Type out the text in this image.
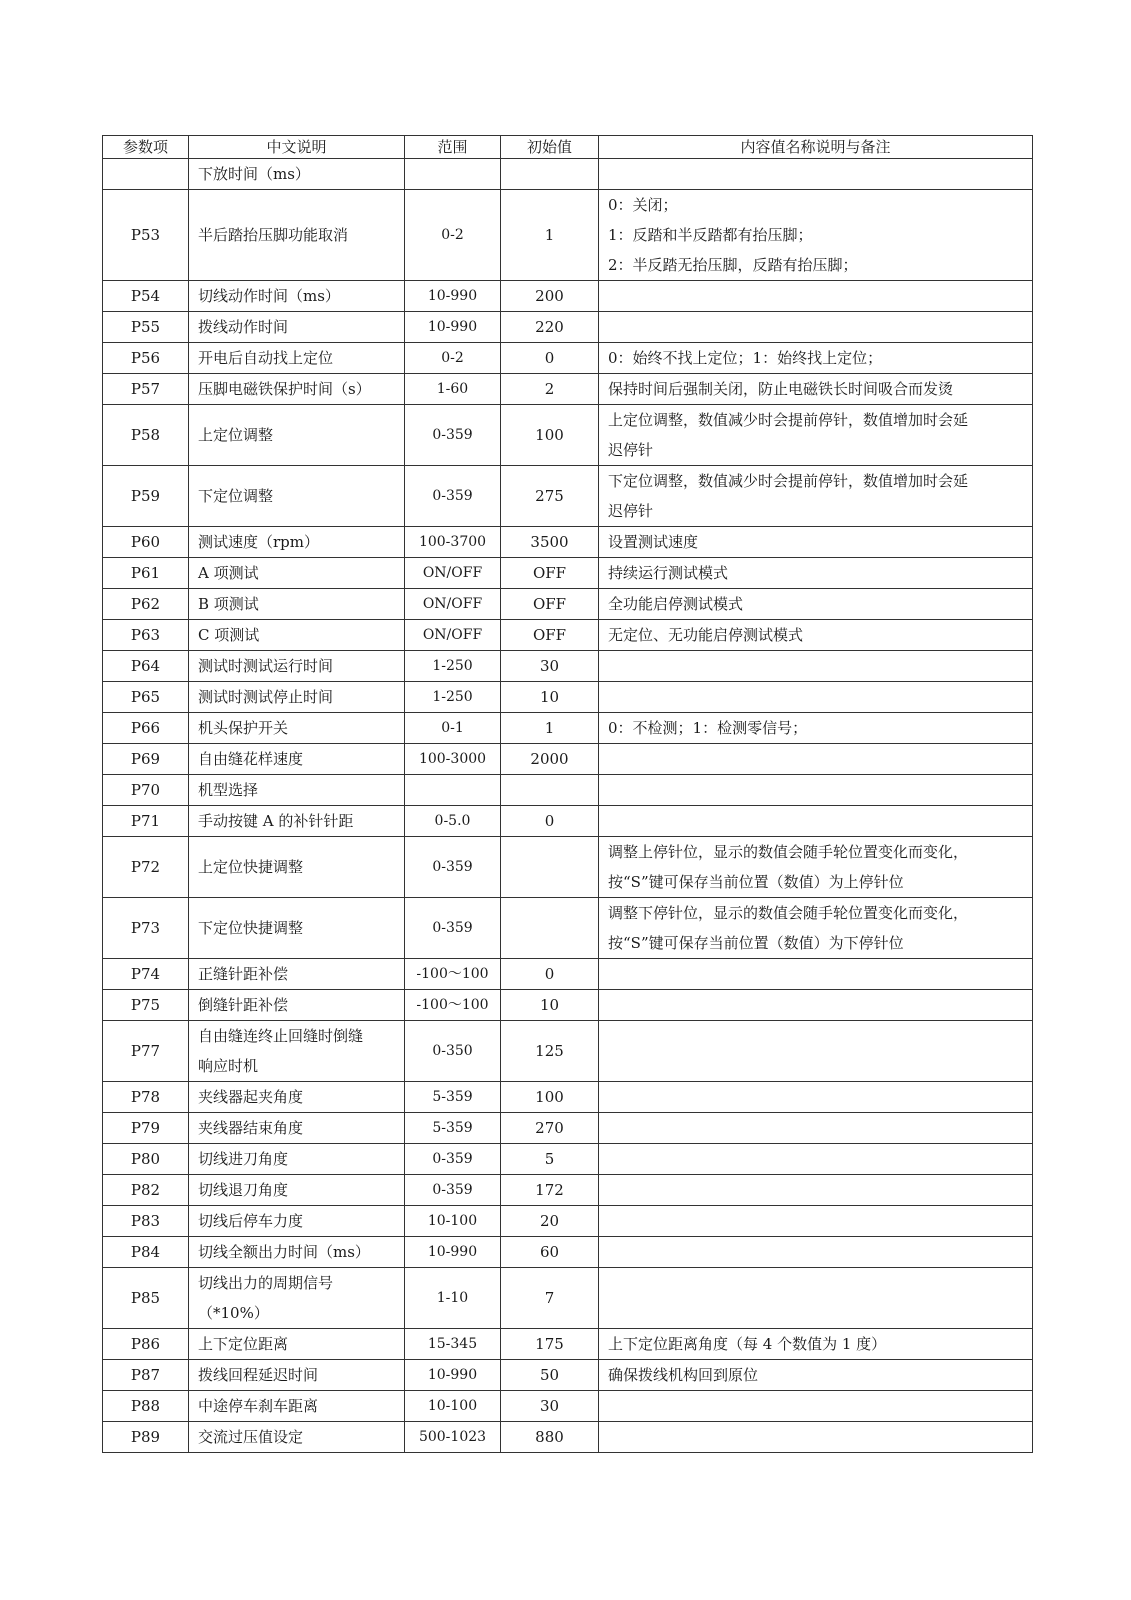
参数项	中文说明	范围	初始值	内容值名称说明与备注

	下放时间（ms）			

P53	半后踏抬压脚功能取消	0-2	1	0：关闭；
1：反踏和半反踏都有抬压脚；
2：半反踏无抬压脚，反踏有抬压脚；

P54	切线动作时间（ms）	10-990	200	
P55	拨线动作时间	10-990	220	
P56	开电后自动找上定位	0-2	0	0：始终不找上定位；1：始终找上定位；

P57	压脚电磁铁保护时间（s）	1-60	2	保持时间后强制关闭，防止电磁铁长时间吸合而发烫

P58	上定位调整	0-359	100	上定位调整，数值减少时会提前停针，数值增加时会延
迟停针

P59	下定位调整	0-359	275	下定位调整，数值减少时会提前停针，数值增加时会延
迟停针

P60	测试速度（rpm）	100-3700	3500	设置测试速度

P61	A 项测试	ON/OFF	OFF	持续运行测试模式

P62	B 项测试	ON/OFF	OFF	全功能启停测试模式

P63	C 项测试	ON/OFF	OFF	无定位、无功能启停测试模式

P64	测试时测试运行时间	1-250	30	
P65	测试时测试停止时间	1-250	10	
P66	机头保护开关	0-1	1	0：不检测；1：检测零信号；

P69	自由缝花样速度	100-3000	2000	
P70	机型选择			

P71	手动按键 A 的补针针距	0-5.0	0	
P72	上定位快捷调整	0-359		调整上停针位，显示的数值会随手轮位置变化而变化，
按“S”键可保存当前位置（数值）为上停针位

P73	下定位快捷调整	0-359		调整下停针位，显示的数值会随手轮位置变化而变化，
按“S”键可保存当前位置（数值）为下停针位

P74	正缝针距补偿	-100～100	0	
P75	倒缝针距补偿	-100～100	10	
P77	自由缝连终止回缝时倒缝
响应时机	0-350	125	
P78	夹线器起夹角度	5-359	100	
P79	夹线器结束角度	5-359	270	
P80	切线进刀角度	0-359	5	
P82	切线退刀角度	0-359	172	
P83	切线后停车力度	10-100	20	
P84	切线全额出力时间（ms）	10-990	60	
P85	切线出力的周期信号
（*10%）	1-10	7	
P86	上下定位距离	15-345	175	上下定位距离角度（每 4 个数值为 1 度）

P87	拨线回程延迟时间	10-990	50	确保拨线机构回到原位

P88	中途停车刹车距离	10-100	30	
P89	交流过压值设定	500-1023	880	
